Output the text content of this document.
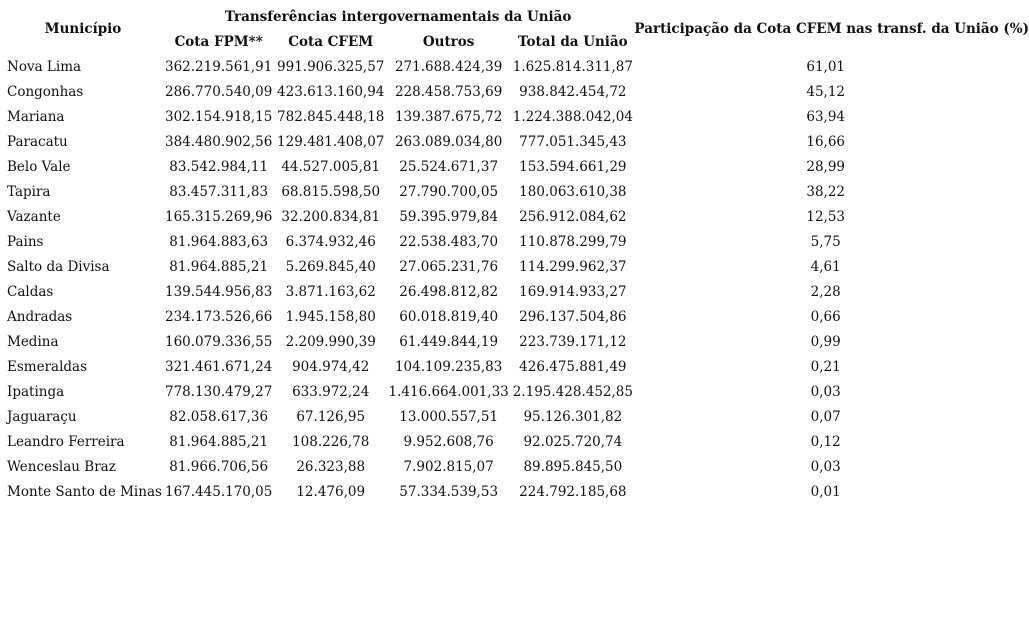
Município	Transferências intergovernamentais da União				Participação da Cota CFEM nas transf. da União (%)
	Cota FPM**	Cota CFEM	Outros	Total da União	
Nova Lima	362.219.561,91	991.906.325,57	271.688.424,39	1.625.814.311,87	61,01
Congonhas	286.770.540,09	423.613.160,94	228.458.753,69	938.842.454,72	45,12
Mariana	302.154.918,15	782.845.448,18	139.387.675,72	1.224.388.042,04	63,94
Paracatu	384.480.902,56	129.481.408,07	263.089.034,80	777.051.345,43	16,66
Belo Vale	83.542.984,11	44.527.005,81	25.524.671,37	153.594.661,29	28,99
Tapira	83.457.311,83	68.815.598,50	27.790.700,05	180.063.610,38	38,22
Vazante	165.315.269,96	32.200.834,81	59.395.979,84	256.912.084,62	12,53
Pains	81.964.883,63	6.374.932,46	22.538.483,70	110.878.299,79	5,75
Salto da Divisa	81.964.885,21	5.269.845,40	27.065.231,76	114.299.962,37	4,61
Caldas	139.544.956,83	3.871.163,62	26.498.812,82	169.914.933,27	2,28
Andradas	234.173.526,66	1.945.158,80	60.018.819,40	296.137.504,86	0,66
Medina	160.079.336,55	2.209.990,39	61.449.844,19	223.739.171,12	0,99
Esmeraldas	321.461.671,24	904.974,42	104.109.235,83	426.475.881,49	0,21
Ipatinga	778.130.479,27	633.972,24	1.416.664.001,33	2.195.428.452,85	0,03
Jaguaraçu	82.058.617,36	67.126,95	13.000.557,51	95.126.301,82	0,07
Leandro Ferreira	81.964.885,21	108.226,78	9.952.608,76	92.025.720,74	0,12
Wenceslau Braz	81.966.706,56	26.323,88	7.902.815,07	89.895.845,50	0,03
Monte Santo de Minas	167.445.170,05	12.476,09	57.334.539,53	224.792.185,68	0,01
